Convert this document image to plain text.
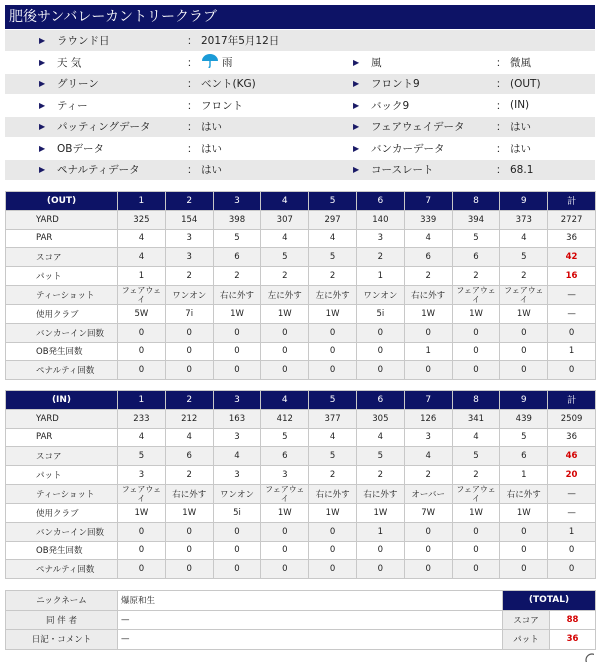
肥後サンバレーカントリークラブ
▶	ラウンド日	：	2017年5月12日				
▶	天 気	：	雨	▶	風	：	微風
▶	グリーン	：	ベント(KG)	▶	フロント9	：	(OUT)
▶	ティー	：	フロント	▶	バック9	：	(IN)
▶	パッティングデータ	：	はい	▶	フェアウェイデータ	：	はい
▶	OBデータ	：	はい	▶	バンカーデータ	：	はい
▶	ペナルティデータ	：	はい	▶	コースレート	：	68.1
(OUT)	1	2	3	4	5	6	7	8	9	計
YARD	325	154	398	307	297	140	339	394	373	2727
PAR	4	3	5	4	4	3	4	5	4	36
スコア	4	3	6	5	5	2	6	6	5	42
パット	1	2	2	2	2	1	2	2	2	16
ティーショット	フェアウェイ	ワンオン	右に外す	左に外す	左に外す	ワンオン	右に外す	フェアウェイ	フェアウェイ	—
使用クラブ	5W	7i	1W	1W	1W	5i	1W	1W	1W	—
バンカーイン回数	0	0	0	0	0	0	0	0	0	0
OB発生回数	0	0	0	0	0	0	1	0	0	1
ペナルティ回数	0	0	0	0	0	0	0	0	0	0
(IN)	1	2	3	4	5	6	7	8	9	計
YARD	233	212	163	412	377	305	126	341	439	2509
PAR	4	4	3	5	4	4	3	4	5	36
スコア	5	6	4	6	5	5	4	5	6	46
パット	3	2	3	3	2	2	2	2	1	20
ティーショット	フェアウェイ	右に外す	ワンオン	フェアウェイ	右に外す	右に外す	オーバー	フェアウェイ	右に外す	—
使用クラブ	1W	1W	5i	1W	1W	1W	7W	1W	1W	—
バンカーイン回数	0	0	0	0	0	1	0	0	0	1
OB発生回数	0	0	0	0	0	0	0	0	0	0
ペナルティ回数	0	0	0	0	0	0	0	0	0	0
ニックネーム	爆原和生	(TOTAL)	
同 伴 者	—	スコア	88
日記・コメント	—	パット	36
